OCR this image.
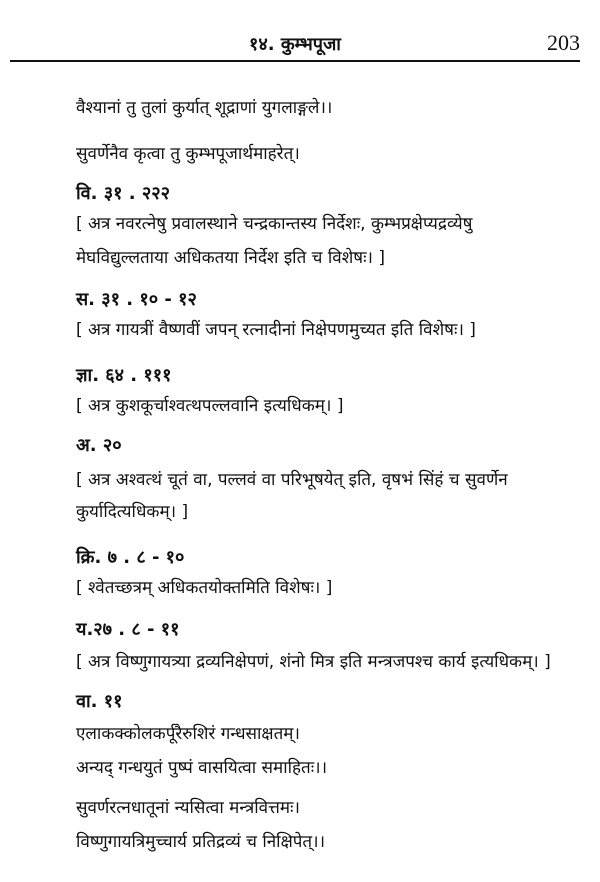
१४. कुम्भपूजा	203
वैश्यानां तु तुलां कुर्यात् शूद्राणां युगलाङ्गले।।
सुवर्णेनैव कृत्वा तु कुम्भपूजार्थमाहरेत्।
वि. ३१ . २२२
[ अत्र नवरत्नेषु प्रवालस्थाने चन्द्रकान्तस्य निर्देशः, कुम्भप्रक्षेप्यद्रव्येषु
मेघविद्युल्लताया अधिकतया निर्देश इति च विशेषः। ]
स. ३१ . १० - १२
[ अत्र गायत्रीं वैष्णवीं जपन् रत्नादीनां निक्षेपणमुच्यत इति विशेषः। ]
ज्ञा. ६४ . १११
[ अत्र कुशकूर्चाश्वत्थपल्लवानि इत्यधिकम्। ]
अ. २०
[ अत्र अश्वत्थं चूतं वा, पल्लवं वा परिभूषयेत् इति, वृषभं सिंहं च सुवर्णेन
कुर्यादित्यधिकम्। ]
क्रि. ७ . ८ - १०
[ श्वेतच्छत्रम् अधिकतयोक्तमिति विशेषः। ]
य.२७ . ८ - ११
[ अत्र विष्णुगायत्र्या द्रव्यनिक्षेपणं, शंनो मित्र इति मन्त्रजपश्च कार्य इत्यधिकम्। ]
वा. ११
एलाकक्कोलकर्पूरैरुशिरं गन्धसाक्षतम्।
अन्यद् गन्धयुतं पुष्पं वासयित्वा समाहितः।।
सुवर्णरत्नधातूनां न्यसित्वा मन्त्रवित्तमः।
विष्णुगायत्रिमुच्चार्य प्रतिद्रव्यं च निक्षिपेत्।।
